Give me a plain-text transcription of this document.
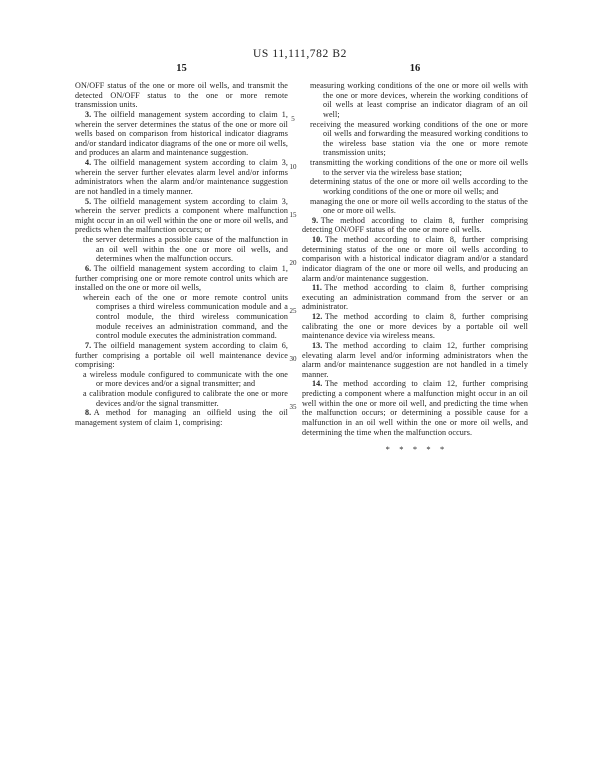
US 11,111,782 B2
15	16
5
10
15
20
25
30
35

ON/OFF status of the one or more oil wells, and transmit the detected ON/OFF status to the one or more remote transmission units.

3. The oilfield management system according to claim 1, wherein the server determines the status of the one or more oil wells based on comparison from historical indicator diagrams and/or standard indicator diagrams of the one or more oil wells, and produces an alarm and maintenance suggestion.

4. The oilfield management system according to claim 3, wherein the server further elevates alarm level and/or informs administrators when the alarm and/or maintenance suggestion are not handled in a timely manner.

5. The oilfield management system according to claim 3, wherein the server predicts a component where malfunction might occur in an oil well within the one or more oil wells, and predicts when the malfunction occurs; or

the server determines a possible cause of the malfunction in an oil well within the one or more oil wells, and determines when the malfunction occurs.

6. The oilfield management system according to claim 1, further comprising one or more remote control units which are installed on the one or more oil wells,

wherein each of the one or more remote control units comprises a third wireless communication module and a control module, the third wireless communication module receives an administration command, and the control module executes the administration command.

7. The oilfield management system according to claim 6, further comprising a portable oil well maintenance device comprising:

a wireless module configured to communicate with the one or more devices and/or a signal transmitter; and

a calibration module configured to calibrate the one or more devices and/or the signal transmitter.

8. A method for managing an oilfield using the oil management system of claim 1, comprising:

measuring working conditions of the one or more oil wells with the one or more devices, wherein the working conditions of oil wells at least comprise an indicator diagram of an oil well;

receiving the measured working conditions of the one or more oil wells and forwarding the measured working conditions to the wireless base station via the one or more remote transmission units;

transmitting the working conditions of the one or more oil wells to the server via the wireless base station;

determining status of the one or more oil wells according to the working conditions of the one or more oil wells; and

managing the one or more oil wells according to the status of the one or more oil wells.

9. The method according to claim 8, further comprising detecting ON/OFF status of the one or more oil wells.

10. The method according to claim 8, further comprising determining status of the one or more oil wells according to comparison with a historical indicator diagram and/or a standard indicator diagram of the one or more oil wells, and producing an alarm and/or maintenance suggestion.

11. The method according to claim 8, further comprising executing an administration command from the server or an administrator.

12. The method according to claim 8, further comprising calibrating the one or more devices by a portable oil well maintenance device via wireless means.

13. The method according to claim 12, further comprising elevating alarm level and/or informing administrators when the alarm and/or maintenance suggestion are not handled in a timely manner.

14. The method according to claim 12, further comprising predicting a component where a malfunction might occur in an oil well within the one or more oil well, and predicting the time when the malfunction occurs; or determining a possible cause for a malfunction in an oil well within the one or more oil wells, and determining the time when the malfunction occurs.

* * * * *
